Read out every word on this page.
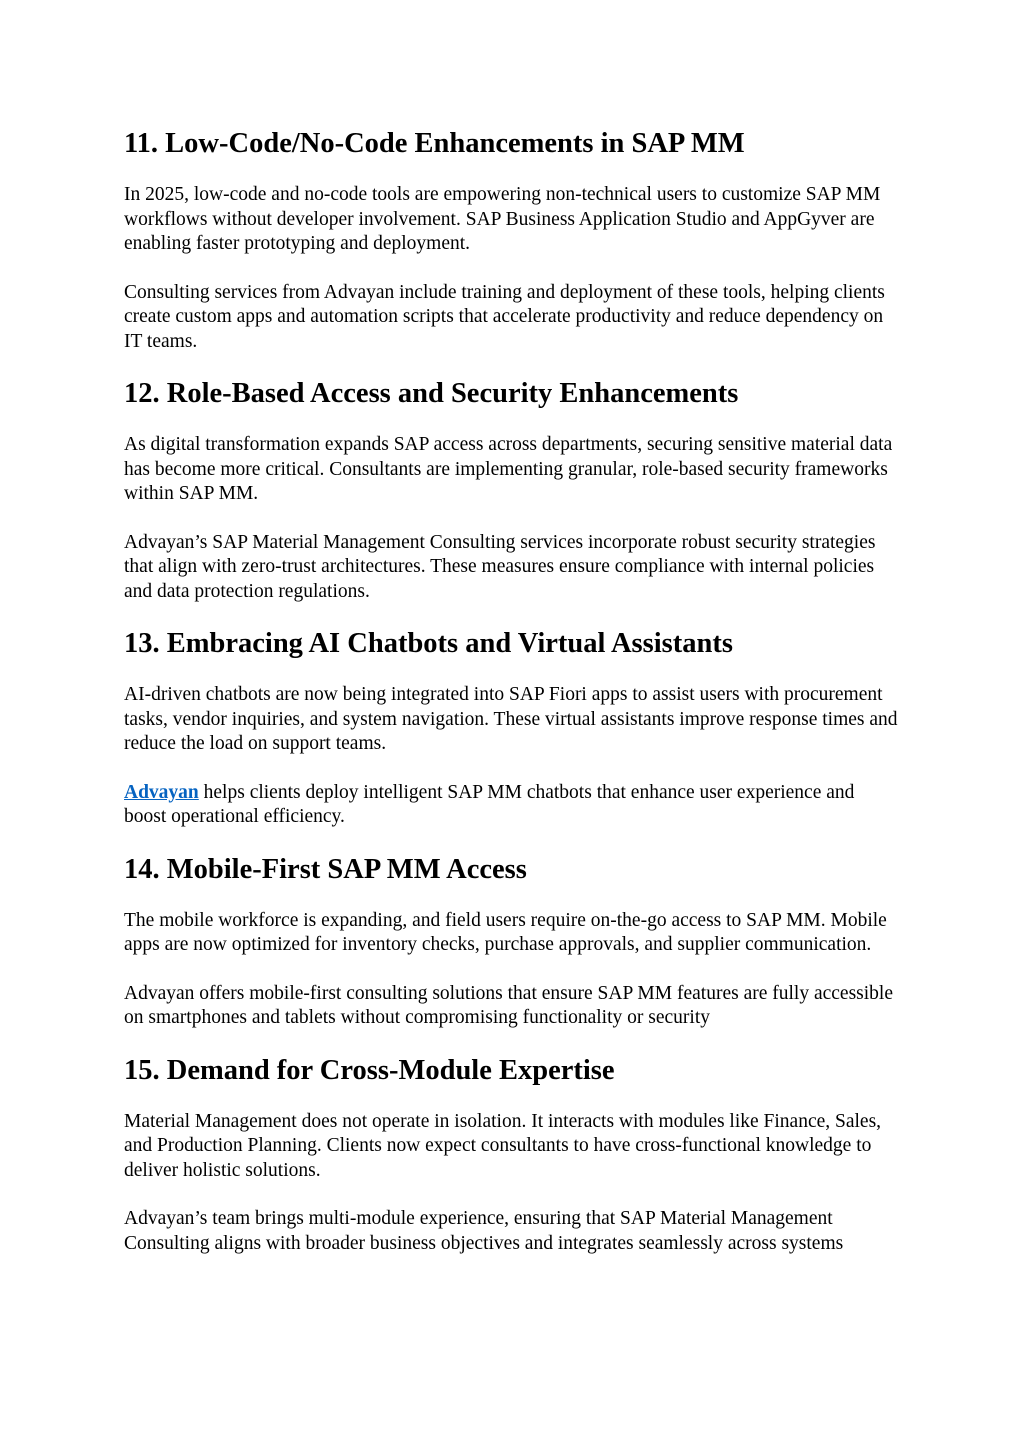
11. Low-Code/No-Code Enhancements in SAP MM

In 2025, low-code and no-code tools are empowering non-technical users to customize SAP MM workflows without developer involvement. SAP Business Application Studio and AppGyver are enabling faster prototyping and deployment.

Consulting services from Advayan include training and deployment of these tools, helping clients create custom apps and automation scripts that accelerate productivity and reduce dependency on IT teams.

12. Role-Based Access and Security Enhancements

As digital transformation expands SAP access across departments, securing sensitive material data has become more critical. Consultants are implementing granular, role-based security frameworks within SAP MM.

Advayan’s SAP Material Management Consulting services incorporate robust security strategies that align with zero-trust architectures. These measures ensure compliance with internal policies and data protection regulations.

13. Embracing AI Chatbots and Virtual Assistants

AI-driven chatbots are now being integrated into SAP Fiori apps to assist users with procurement tasks, vendor inquiries, and system navigation. These virtual assistants improve response times and reduce the load on support teams.

Advayan helps clients deploy intelligent SAP MM chatbots that enhance user experience and boost operational efficiency.

14. Mobile-First SAP MM Access

The mobile workforce is expanding, and field users require on-the-go access to SAP MM. Mobile apps are now optimized for inventory checks, purchase approvals, and supplier communication.

Advayan offers mobile-first consulting solutions that ensure SAP MM features are fully accessible on smartphones and tablets without compromising functionality or security

15. Demand for Cross-Module Expertise

Material Management does not operate in isolation. It interacts with modules like Finance, Sales, and Production Planning. Clients now expect consultants to have cross-functional knowledge to deliver holistic solutions.

Advayan’s team brings multi-module experience, ensuring that SAP Material Management Consulting aligns with broader business objectives and integrates seamlessly across systems
